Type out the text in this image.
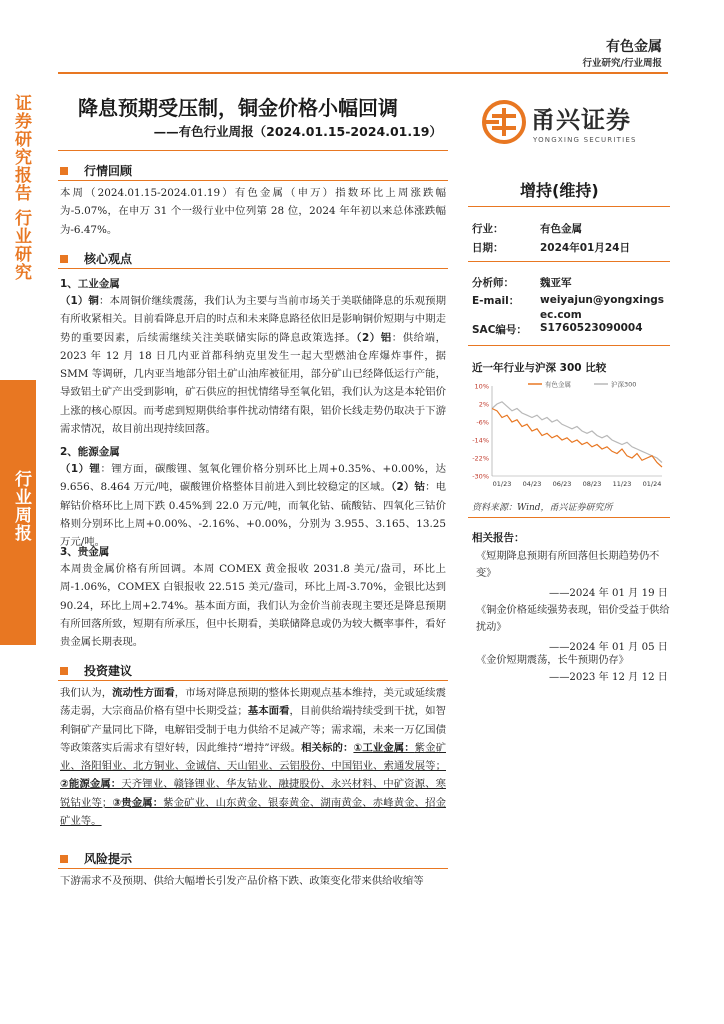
有色金属
行业研究/行业周报
证券研究报告 行业研究
行业周报
降息预期受压制，铜金价格小幅回调
——有色行业周报（2024.01.15-2024.01.19）	甬兴证券
YONGXING SECURITIES
行情回顾
本周（2024.01.15-2024.01.19）有色金属（申万）指数环比上周涨跌幅为-5.07%，在申万 31 个一级行业中位列第 28 位，2024 年年初以来总体涨跌幅为-6.47%。
核心观点
1、工业金属
（1）铜：本周铜价继续震荡，我们认为主要与当前市场关于美联储降息的乐观预期有所收紧相关。目前看降息开启的时点和未来降息路径依旧是影响铜价短期与中期走势的重要因素，后续需继续关注美联储实际的降息政策选择。（2）铝：供给端，2023 年 12 月 18 日几内亚首都科纳克里发生一起大型燃油仓库爆炸事件，据 SMM 等调研，几内亚当地部分铝土矿山油库被征用，部分矿山已经降低运行产能，导致铝土矿产出受到影响，矿石供应的担忧情绪导至氧化铝，我们认为这是本轮铝价上涨的核心原因。而考虑到短期供给事件扰动情绪有限，铝价长线走势仍取决于下游需求情况，故目前出现持续回落。
2、能源金属
（1）锂：锂方面，碳酸锂、氢氧化锂价格分别环比上周+0.35%、+0.00%，达 9.656、8.464 万元/吨，碳酸锂价格整体目前进入到比较稳定的区域。（2）钴：电解钴价格环比上周下跌 0.45%到 22.0 万元/吨，而氧化钴、硫酸钴、四氧化三钴价格则分别环比上周+0.00%、-2.16%、+0.00%，分别为 3.955、3.165、13.25 万元/吨。
3、贵金属
本周贵金属价格有所回调。本周 COMEX 黄金报收 2031.8 美元/盎司，环比上周-1.06%，COMEX 白银报收 22.515 美元/盎司，环比上周-3.70%，金银比达到 90.24，环比上周+2.74%。基本面方面，我们认为金价当前表现主要还是降息预期有所回落所致，短期有所承压，但中长期看，美联储降息或仍为较大概率事件，看好贵金属长期表现。
投资建议
我们认为，流动性方面看，市场对降息预期的整体长期观点基本维持，美元或延续震荡走弱，大宗商品价格有望中长期受益；基本面看，目前供给端持续受到干扰，如智利铜矿产量同比下降，电解铝受制于电力供给不足减产等；需求端，未来一万亿国债等政策落实后需求有望好转，因此维持“增持”评级。相关标的：①工业金属：紫金矿业、洛阳钼业、北方铜业、金诚信、天山铝业、云铝股份、中国铝业、索通发展等；②能源金属：天齐锂业、赣锋锂业、华友钴业、融捷股份、永兴材料、中矿资源、寒锐钴业等；③贵金属：紫金矿业、山东黄金、银泰黄金、湖南黄金、赤峰黄金、招金矿业等。
风险提示
下游需求不及预期、供给大幅增长引发产品价格下跌、政策变化带来供给收缩等
增持(维持)
行业：	有色金属
日期：	2024年01月24日
分析师：	魏亚军
E-mail：	weiyajun@yongxingsec.com
SAC编号：	S1760523090004
近一年行业与沪深 300 比较
10%
2%
-6%
-14%
-22%
-30%
01/23 04/23 06/23 08/23 11/23 01/24
有色金属	沪深300
资料来源：Wind，甬兴证券研究所
相关报告：
《短期降息预期有所回落但长期趋势仍不变》
——2024 年 01 月 19 日
《铜金价格延续强势表现，铝价受益于供给扰动》
——2024 年 01 月 05 日
《金价短期震荡，长牛预期仍存》
——2023 年 12 月 12 日
